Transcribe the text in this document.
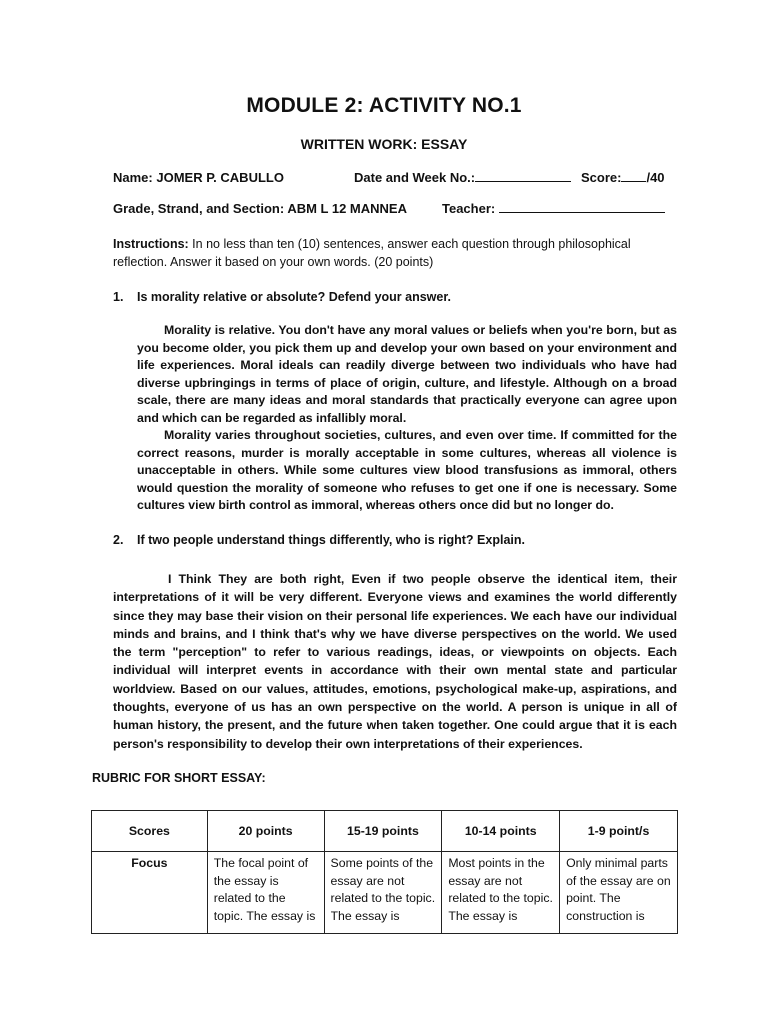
MODULE 2: ACTIVITY NO.1
WRITTEN WORK: ESSAY
Name: JOMER P. CABULLO	Date and Week No.:	Score: /40
Grade, Strand, and Section: ABM L 12 MANNEA	Teacher:
Instructions: In no less than ten (10) sentences, answer each question through philosophical reflection. Answer it based on your own words. (20 points)
1. Is morality relative or absolute? Defend your answer.

Morality is relative. You don't have any moral values or beliefs when you're born, but as you become older, you pick them up and develop your own based on your environment and life experiences. Moral ideals can readily diverge between two individuals who have had diverse upbringings in terms of place of origin, culture, and lifestyle. Although on a broad scale, there are many ideas and moral standards that practically everyone can agree upon and which can be regarded as infallibly moral.

Morality varies throughout societies, cultures, and even over time. If committed for the correct reasons, murder is morally acceptable in some cultures, whereas all violence is unacceptable in others. While some cultures view blood transfusions as immoral, others would question the morality of someone who refuses to get one if one is necessary. Some cultures view birth control as immoral, whereas others once did but no longer do.

2. If two people understand things differently, who is right? Explain.

I Think They are both right, Even if two people observe the identical item, their interpretations of it will be very different. Everyone views and examines the world differently since they may base their vision on their personal life experiences. We each have our individual minds and brains, and I think that's why we have diverse perspectives on the world. We used the term "perception" to refer to various readings, ideas, or viewpoints on objects. Each individual will interpret events in accordance with their own mental state and particular worldview. Based on our values, attitudes, emotions, psychological make-up, aspirations, and thoughts, everyone of us has an own perspective on the world. A person is unique in all of human history, the present, and the future when taken together. One could argue that it is each person's responsibility to develop their own interpretations of their experiences.

RUBRIC FOR SHORT ESSAY:
Scores	20 points	15-19 points	10-14 points	1-9 point/s
Focus	The focal point of the essay is related to the topic. The essay is	Some points of the essay are not related to the topic. The essay is	Most points in the essay are not related to the topic. The essay is	Only minimal parts of the essay are on point. The construction is
